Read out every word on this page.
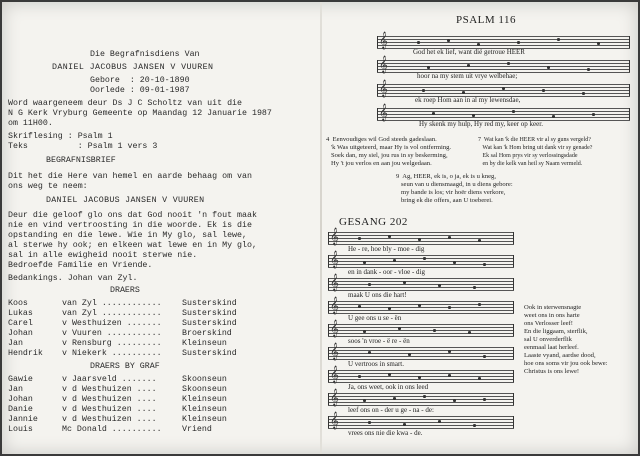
Die Begrafnisdiens Van
DANIEL JACOBUS JANSEN V VUUREN
Gebore  : 20-10-1890
Oorlede : 09-01-1987
Word waargeneem deur Ds J C Scholtz van uit die
N G Kerk Vryburg Gemeente op Maandag 12 Januarie 1987
om 11H00.
Skriflesing : Psalm 1
Teks          : Psalm 1 vers 3
BEGRAFNISBRIEF
Dit het die Here van hemel en aarde behaag om van
ons weg te neem:
DANIEL JACOBUS JANSEN V VUUREN
Deur die geloof glo ons dat God nooit 'n fout maak
nie en vind vertroosting in die woorde. Ek is die
opstanding en die lewe. Wie in My glo, sal lewe,
al sterwe hy ook; en elkeen wat lewe en in My glo,
sal in alle ewigheid nooit sterwe nie.
Bedroefde Familie en Vriende.
Bedankings. Johan van Zyl.
DRAERS
Koos	van Zyl ............ Susterskind
Lukas	van Zyl ............ Susterskind
Carel	v Westhuizen ....... Susterskind
Johan	v Vuuren ........... Broerskind
Jan	v Rensburg ......... Kleinseun
Hendrik v Niekerk .......... Susterskind
DRAERS BY GRAF
Gawie	v Jaarsveld .......	Skoonseun
Jan	v d Westhuizen ....	Skoonseun
Johan	v d Westhuizen ....	Kleinseun
Danie	v d Westhuizen ....	Kleinseun
Jannie	v d Westhuizen ....	Kleinseun
Louis	Mc Donald .......... Vriend
PSALM 116
𝄞
God het ek lief, want dié getroue HEER
𝄞
hoor na my stem uit vrye welbehae;
𝄞
ek roep Hom aan in al my lewensdae,
𝄞
Hy skenk my hulp, Hy red my, keer op keer.
4  Eenvoudiges wil God steeds gadeslaan.
'k Was uitgeteerd, maar Hy is vol ontferming.
Soek dan, my siel, jou rus in sy beskerming,
Hy 't jou verlos en aan jou welgedaan.
7  Wat kan 'k die HEER vir al sy guns vergeld?
Wat kan 'k Hom bring uit dank vir sy genade?
Ek sal Hom prys vir sy verlossingsdade
en by die kelk van heil sy Naam vermeld.
9  Ag, HEER, ek is, o ja, ek is u kneg,
seun van u diensmaagd, in u diens gebore:
my bande is los; vir hoër diens verkore,
bring ek die offers, aan U toeberei.
GESANG 202
𝄞
He - re, hoe bly - moe - dig
𝄞
en in dank - oor - vloe - dig
𝄞
maak U ons die hart!
𝄞
U gee ons u se - ën
𝄞
soos 'n vroe - ë re - ën
𝄞
U vertroos in smart.
𝄞
Ja, ons weet, ook in ons leed
𝄞
leef ons on - der u ge - na - de:
𝄞
vrees ons nie die kwa - de.
Ook in sterwensnagte
weet ons in ons harte
ons Verlosser leef!
En die liggaam, sterflik,
sal U onverderflik
eenmaal laat herleef.
Laaste vyand, aardse dood,
hoe ons soms vir jou ook bewe:
Christus is ons lewe!
